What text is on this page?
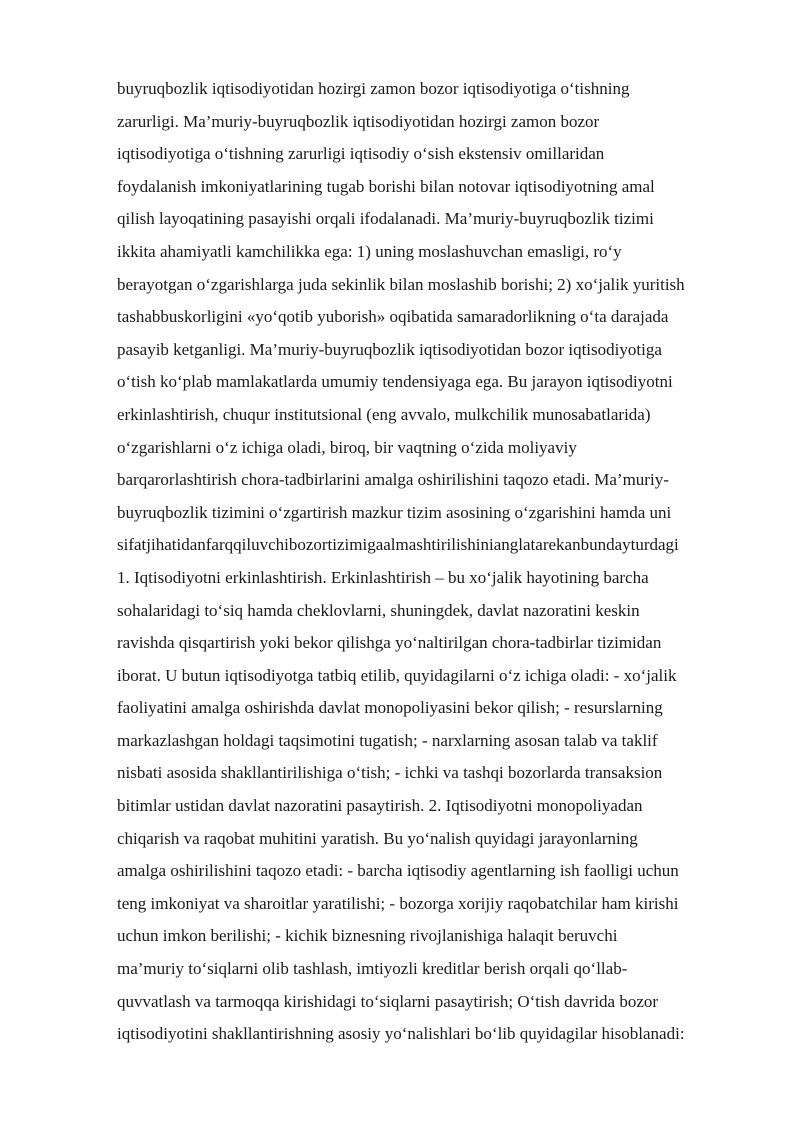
buyruqbozlik iqtisodiyotidan hozirgi zamon bozor iqtisodiyotiga o‘tishning
zarurligi. Ma’muriy-buyruqbozlik iqtisodiyotidan hozirgi zamon bozor
iqtisodiyotiga o‘tishning zarurligi iqtisodiy o‘sish ekstensiv omillaridan
foydalanish imkoniyatlarining tugab borishi bilan notovar iqtisodiyotning amal
qilish layoqatining pasayishi orqali ifodalanadi. Ma’muriy-buyruqbozlik tizimi
ikkita ahamiyatli kamchilikka ega: 1) uning moslashuvchan emasligi, ro‘y
berayotgan o‘zgarishlarga juda sekinlik bilan moslashib borishi; 2) xo‘jalik yuritish
tashabbuskorligini «yo‘qotib yuborish» oqibatida samaradorlikning o‘ta darajada
pasayib ketganligi. Ma’muriy-buyruqbozlik iqtisodiyotidan bozor iqtisodiyotiga
o‘tish ko‘plab mamlakatlarda umumiy tendensiyaga ega. Bu jarayon iqtisodiyotni
erkinlashtirish, chuqur institutsional (eng avvalo, mulkchilik munosabatlarida)
o‘zgarishlarni o‘z ichiga oladi, biroq, bir vaqtning o‘zida moliyaviy
barqarorlashtirish chora-tadbirlarini amalga oshirilishini taqozo etadi. Ma’muriy-
buyruqbozlik tizimini o‘zgartirish mazkur tizim asosining o‘zgarishini hamda uni
sifatjihatidanfarqqiluvchibozortizimigaalmashtirilishinianglatarekanbundayturdagi
1. Iqtisodiyotni erkinlashtirish. Erkinlashtirish – bu xo‘jalik hayotining barcha
sohalaridagi to‘siq hamda cheklovlarni, shuningdek, davlat nazoratini keskin
ravishda qisqartirish yoki bekor qilishga yo‘naltirilgan chora-tadbirlar tizimidan
iborat. U butun iqtisodiyotga tatbiq etilib, quyidagilarni o‘z ichiga oladi: - xo‘jalik
faoliyatini amalga oshirishda davlat monopoliyasini bekor qilish; - resurslarning
markazlashgan holdagi taqsimotini tugatish; - narxlarning asosan talab va taklif
nisbati asosida shakllantirilishiga o‘tish; - ichki va tashqi bozorlarda transaksion
bitimlar ustidan davlat nazoratini pasaytirish. 2. Iqtisodiyotni monopoliyadan
chiqarish va raqobat muhitini yaratish. Bu yo‘nalish quyidagi jarayonlarning
amalga oshirilishini taqozo etadi: - barcha iqtisodiy agentlarning ish faolligi uchun
teng imkoniyat va sharoitlar yaratilishi; - bozorga xorijiy raqobatchilar ham kirishi
uchun imkon berilishi; - kichik biznesning rivojlanishiga halaqit beruvchi
ma’muriy to‘siqlarni olib tashlash, imtiyozli kreditlar berish orqali qo‘llab-
quvvatlash va tarmoqqa kirishidagi to‘siqlarni pasaytirish; O‘tish davrida bozor
iqtisodiyotini shakllantirishning asosiy yo‘nalishlari bo‘lib quyidagilar hisoblanadi:
